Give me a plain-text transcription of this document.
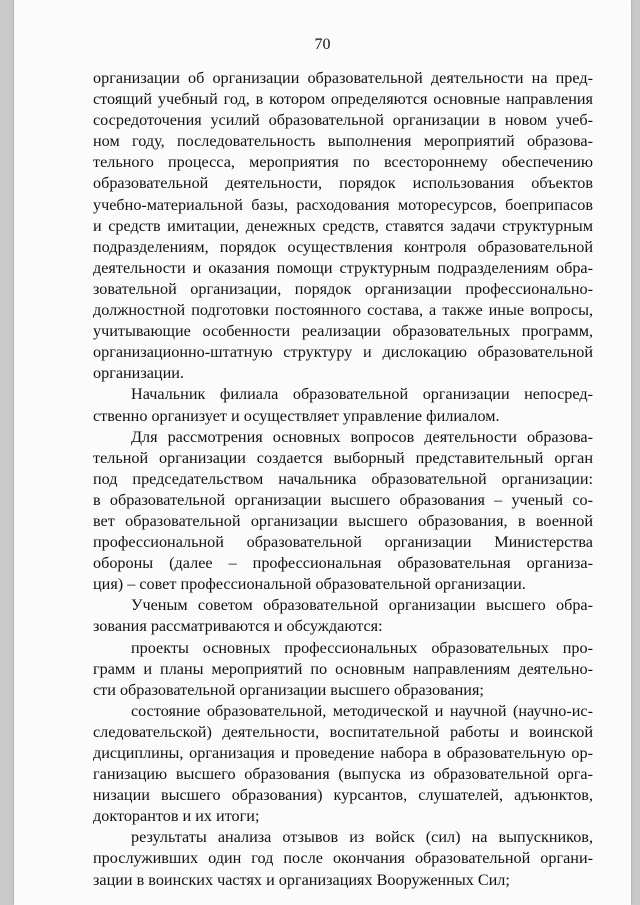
70

организации об организации образовательной деятельности на пред-
стоящий учебный год, в котором определяются основные направления
сосредоточения усилий образовательной организации в новом учеб-
ном году, последовательность выполнения мероприятий образова-
тельного процесса, мероприятия по всестороннему обеспечению
образовательной деятельности, порядок использования объектов
учебно-материальной базы, расходования моторесурсов, боеприпасов
и средств имитации, денежных средств, ставятся задачи структурным
подразделениям, порядок осуществления контроля образовательной
деятельности и оказания помощи структурным подразделениям обра-
зовательной организации, порядок организации профессионально-
должностной подготовки постоянного состава, а также иные вопросы,
учитывающие особенности реализации образовательных программ,
организационно-штатную структуру и дислокацию образовательной
организации.

Начальник филиала образовательной организации непосред-
ственно организует и осуществляет управление филиалом.

Для рассмотрения основных вопросов деятельности образова-
тельной организации создается выборный представительный орган
под председательством начальника образовательной организации:
в образовательной организации высшего образования – ученый со-
вет образовательной организации высшего образования, в военной
профессиональной образовательной организации Министерства
обороны (далее – профессиональная образовательная организа-
ция) – совет профессиональной образовательной организации.

Ученым советом образовательной организации высшего обра-
зования рассматриваются и обсуждаются:

проекты основных профессиональных образовательных про-
грамм и планы мероприятий по основным направлениям деятельно-
сти образовательной организации высшего образования;

состояние образовательной, методической и научной (научно-ис-
следовательской) деятельности, воспитательной работы и воинской
дисциплины, организация и проведение набора в образовательную ор-
ганизацию высшего образования (выпуска из образовательной орга-
низации высшего образования) курсантов, слушателей, адъюнктов,
докторантов и их итоги;

результаты анализа отзывов из войск (сил) на выпускников,
прослуживших один год после окончания образовательной органи-
зации в воинских частях и организациях Вооруженных Сил;
